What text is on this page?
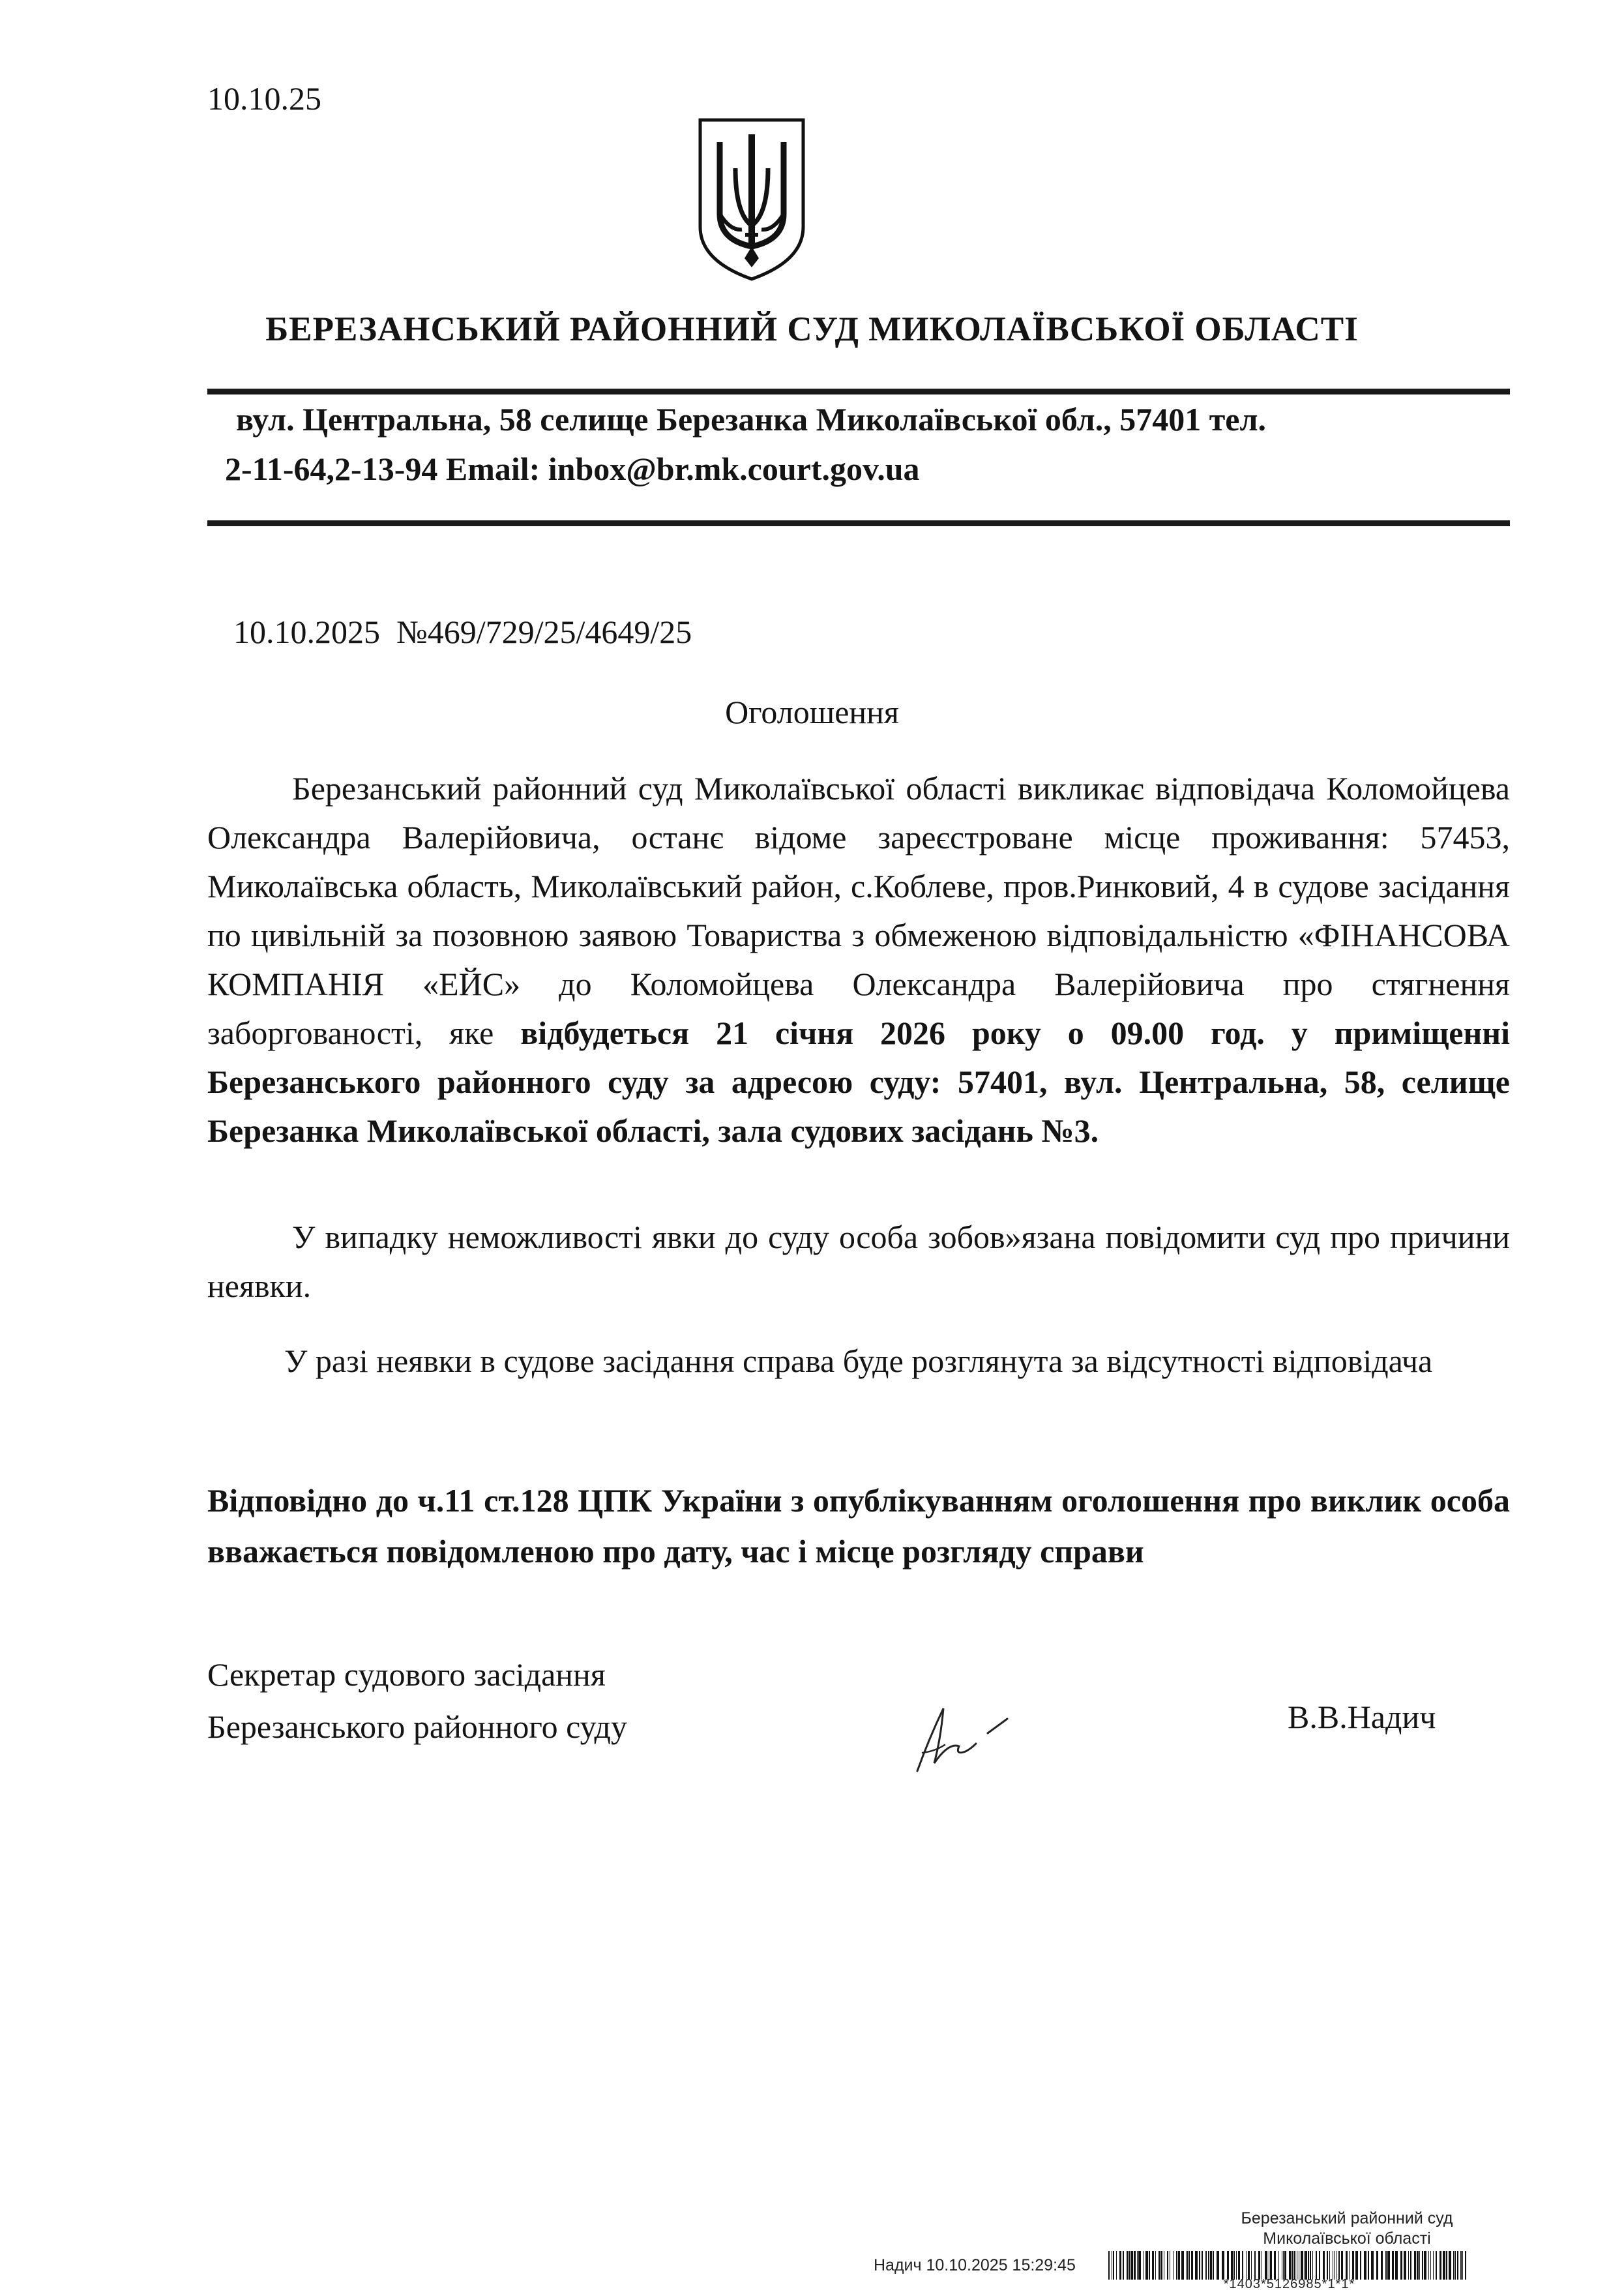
10.10.25
БЕРЕЗАНСЬКИЙ РАЙОННИЙ СУД МИКОЛАЇВСЬКОЇ ОБЛАСТІ
вул. Центральна, 58 селище Березанка Миколаївської обл., 57401 тел.
2-11-64,2-13-94 Email: inbox@br.mk.court.gov.ua
10.10.2025 №469/729/25/4649/25
Оголошення
Березанський районний суд Миколаївської області викликає відповідача Коломойцева Олександра Валерійовича, останє відоме зареєстроване місце проживання: 57453, Миколаївська область, Миколаївський район, с.Коблеве, пров.Ринковий, 4 в судове засідання по цивільній за позовною заявою Товариства з обмеженою відповідальністю «ФІНАНСОВА КОМПАНІЯ «ЕЙС» до Коломойцева Олександра Валерійовича про стягнення заборгованості, яке відбудеться 21 січня 2026 року о 09.00 год. у приміщенні Березанського районного суду за адресою суду: 57401, вул. Центральна, 58, селище Березанка Миколаївської області, зала судових засідань №3.
У випадку неможливості явки до суду особа зобов»язана повідомити суд про причини неявки.
У разі неявки в судове засідання справа буде розглянута за відсутності відповідача
Відповідно до ч.11 ст.128 ЦПК України з опублікуванням оголошення про виклик особа вважається повідомленою про дату, час і місце розгляду справи
Секретар судового засідання
Березанського районного суду	В.В.Надич
Березанський районний суд
Миколаївської області
Надич 10.10.2025 15:29:45
*1403*5126985*1*1*
